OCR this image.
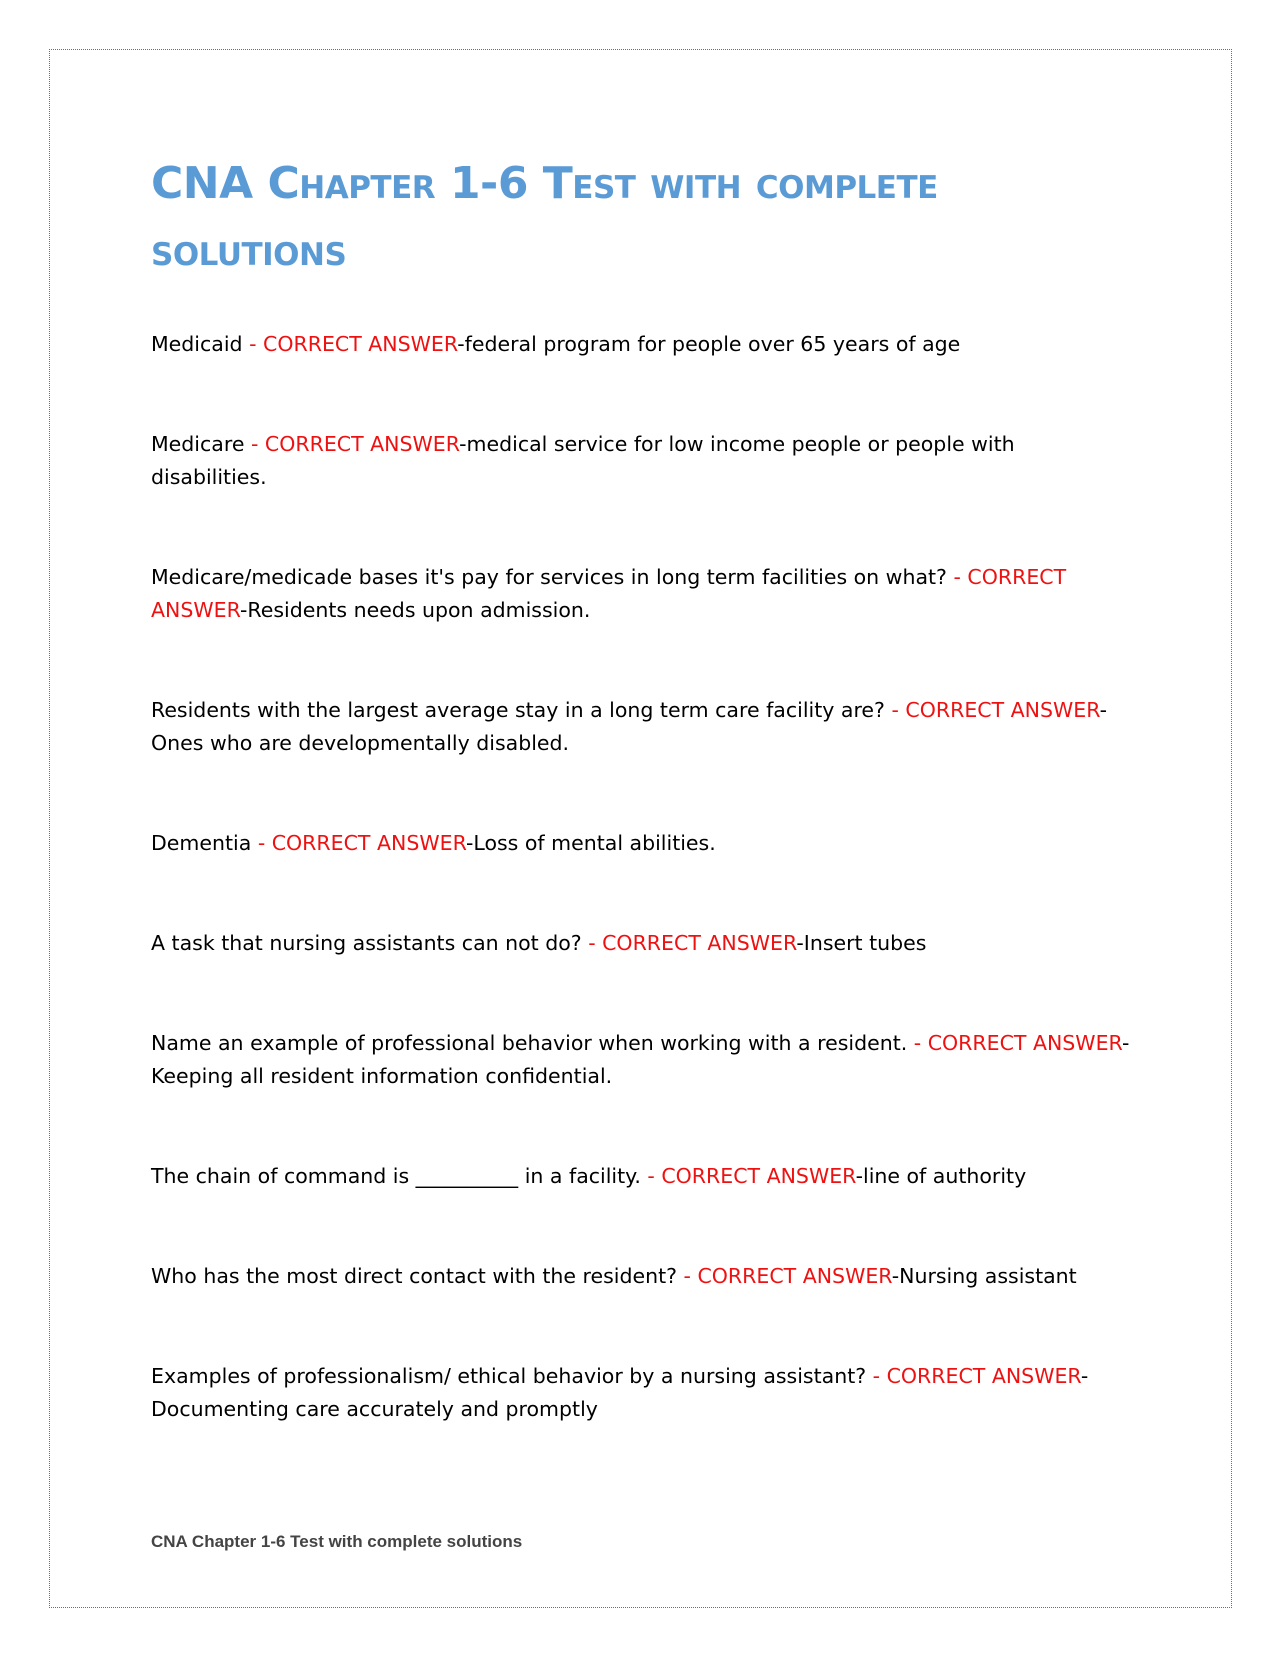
CNA Chapter 1-6 Test with complete solutions

Medicaid - CORRECT ANSWER-federal program for people over 65 years of age

Medicare - CORRECT ANSWER-medical service for low income people or people with disabilities.

Medicare/medicade bases it's pay for services in long term facilities on what? - CORRECT ANSWER-Residents needs upon admission.

Residents with the largest average stay in a long term care facility are? - CORRECT ANSWER-Ones who are developmentally disabled.

Dementia - CORRECT ANSWER-Loss of mental abilities.

A task that nursing assistants can not do? - CORRECT ANSWER-Insert tubes

Name an example of professional behavior when working with a resident. - CORRECT ANSWER-Keeping all resident information confidential.

The chain of command is __________ in a facility. - CORRECT ANSWER-line of authority

Who has the most direct contact with the resident? - CORRECT ANSWER-Nursing assistant

Examples of professionalism/ ethical behavior by a nursing assistant? - CORRECT ANSWER-Documenting care accurately and promptly

CNA Chapter 1-6 Test with complete solutions
